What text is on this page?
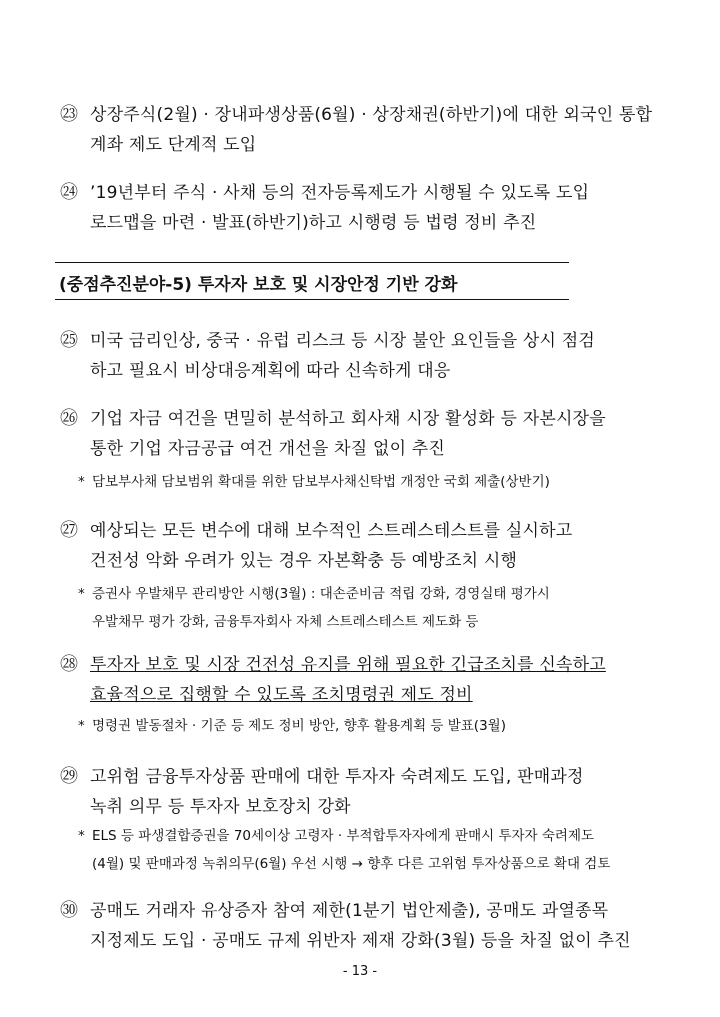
㉓ 상장주식(2월) · 장내파생상품(6월) · 상장채권(하반기)에 대한 외국인 통합
계좌 제도 단계적 도입
㉔ ’19년부터 주식 · 사채 등의 전자등록제도가 시행될 수 있도록 도입
로드맵을 마련 · 발표(하반기)하고 시행령 등 법령 정비 추진
(중점추진분야-5) 투자자 보호 및 시장안정 기반 강화
㉕ 미국 금리인상, 중국 · 유럽 리스크 등 시장 불안 요인들을 상시 점검
하고 필요시 비상대응계획에 따라 신속하게 대응
㉖ 기업 자금 여건을 면밀히 분석하고 회사채 시장 활성화 등 자본시장을
통한 기업 자금공급 여건 개선을 차질 없이 추진
* 담보부사채 담보범위 확대를 위한 담보부사채신탁법 개정안 국회 제출(상반기)
㉗ 예상되는 모든 변수에 대해 보수적인 스트레스테스트를 실시하고
건전성 악화 우려가 있는 경우 자본확충 등 예방조치 시행
* 증권사 우발채무 관리방안 시행(3월) : 대손준비금 적립 강화, 경영실태 평가시
우발채무 평가 강화, 금융투자회사 자체 스트레스테스트 제도화 등
㉘ 투자자 보호 및 시장 건전성 유지를 위해 필요한 긴급조치를 신속하고
효율적으로 집행할 수 있도록 조치명령권 제도 정비
* 명령권 발동절차 · 기준 등 제도 정비 방안, 향후 활용계획 등 발표(3월)
㉙ 고위험 금융투자상품 판매에 대한 투자자 숙려제도 도입, 판매과정
녹취 의무 등 투자자 보호장치 강화
* ELS 등 파생결합증권을 70세이상 고령자 · 부적합투자자에게 판매시 투자자 숙려제도
(4월) 및 판매과정 녹취의무(6월) 우선 시행 → 향후 다른 고위험 투자상품으로 확대 검토
㉚ 공매도 거래자 유상증자 참여 제한(1분기 법안제출), 공매도 과열종목
지정제도 도입 · 공매도 규제 위반자 제재 강화(3월) 등을 차질 없이 추진
- 13 -
